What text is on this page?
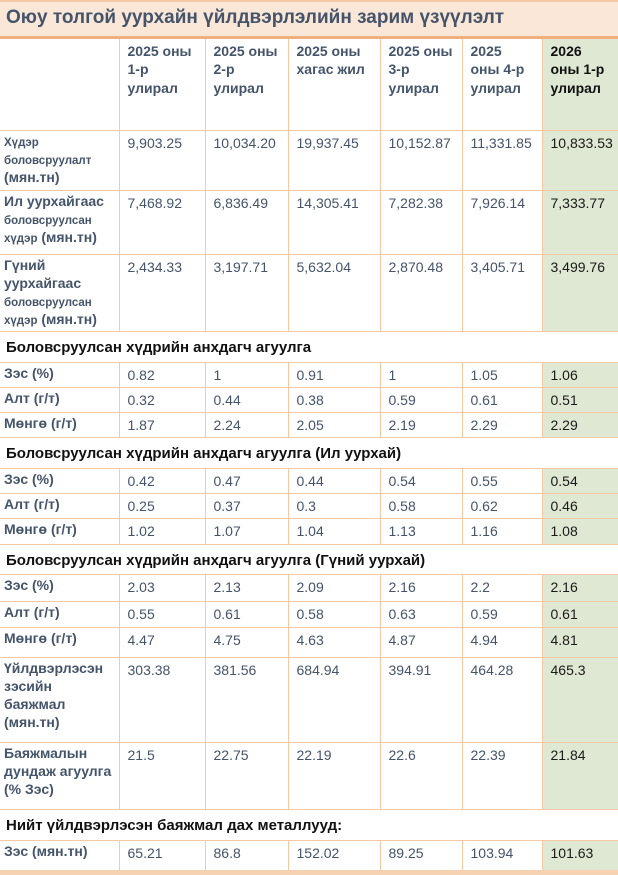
Оюу толгой уурхайн үйлдвэрлэлийн зарим үзүүлэлт
	2025 оны 1-р улирал	2025 оны 2-р улирал	2025 оны хагас жил	2025 оны 3-р улирал	2025 оны 4-р улирал	2026 оны 1-р улирал
Хүдэр боловсруулалт (мян.тн)	9,903.25	10,034.20	19,937.45	10,152.87	11,331.85	10,833.53
Ил уурхайгаас боловсруулсан хүдэр (мян.тн)	7,468.92	6,836.49	14,305.41	7,282.38	7,926.14	7,333.77
Гүний уурхайгаас боловсруулсан хүдэр (мян.тн)	2,434.33	3,197.71	5,632.04	2,870.48	3,405.71	3,499.76
Боловсруулсан хүдрийн анхдагч агуулга
Зэс (%)	0.82	1	0.91	1	1.05	1.06
Алт (г/т)	0.32	0.44	0.38	0.59	0.61	0.51
Мөнгө (г/т)	1.87	2.24	2.05	2.19	2.29	2.29
Боловсруулсан хүдрийн анхдагч агуулга (Ил уурхай)
Зэс (%)	0.42	0.47	0.44	0.54	0.55	0.54
Алт (г/т)	0.25	0.37	0.3	0.58	0.62	0.46
Мөнгө (г/т)	1.02	1.07	1.04	1.13	1.16	1.08
Боловсруулсан хүдрийн анхдагч агуулга (Гүний уурхай)
Зэс (%)	2.03	2.13	2.09	2.16	2.2	2.16
Алт (г/т)	0.55	0.61	0.58	0.63	0.59	0.61
Мөнгө (г/т)	4.47	4.75	4.63	4.87	4.94	4.81
Үйлдвэрлэсэн зэсийн баяжмал (мян.тн)	303.38	381.56	684.94	394.91	464.28	465.3
Баяжмалын дундаж агуулга (% Зэс)	21.5	22.75	22.19	22.6	22.39	21.84
Нийт үйлдвэрлэсэн баяжмал дах металлууд:
Зэс (мян.тн)	65.21	86.8	152.02	89.25	103.94	101.63
